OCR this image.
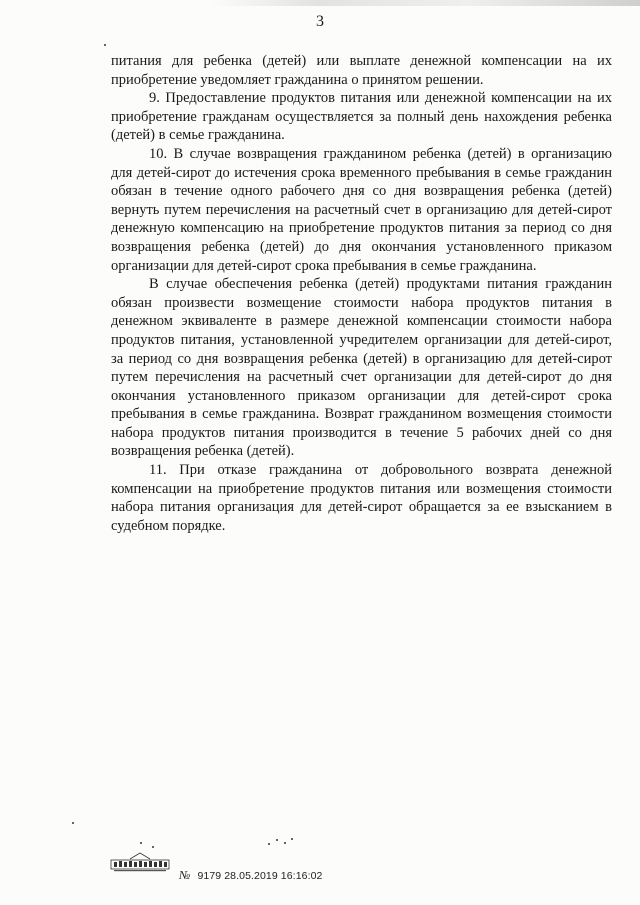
3

питания для ребенка (детей) или выплате денежной компенсации на их приобретение уведомляет гражданина о принятом решении.

9. Предоставление продуктов питания или денежной компенсации на их приобретение гражданам осуществляется за полный день нахождения ребенка (детей) в семье гражданина.

10. В случае возвращения гражданином ребенка (детей) в организацию для детей-сирот до истечения срока временного пребывания в семье гражданин обязан в течение одного рабочего дня со дня возвращения ребенка (детей) вернуть путем перечисления на расчетный счет в организацию для детей-сирот денежную компенсацию на приобретение продуктов питания за период со дня возвращения ребенка (детей) до дня окончания установленного приказом организации для детей-сирот срока пребывания в семье гражданина.

В случае обеспечения ребенка (детей) продуктами питания гражданин обязан произвести возмещение стоимости набора продуктов питания в денежном эквиваленте в размере денежной компенсации стоимости набора продуктов питания, установленной учредителем организации для детей-сирот, за период со дня возвращения ребенка (детей) в организацию для детей-сирот путем перечисления на расчетный счет организации для детей-сирот до дня окончания установленного приказом организации для детей-сирот срока пребывания в семье гражданина. Возврат гражданином возмещения стоимости набора продуктов питания производится в течение 5 рабочих дней со дня возвращения ребенка (детей).

11. При отказе гражданина от добровольного возврата денежной компенсации на приобретение продуктов питания или возмещения стоимости набора питания организация для детей-сирот обращается за ее взысканием в судебном порядке.

№ 9179 28.05.2019 16:16:02
